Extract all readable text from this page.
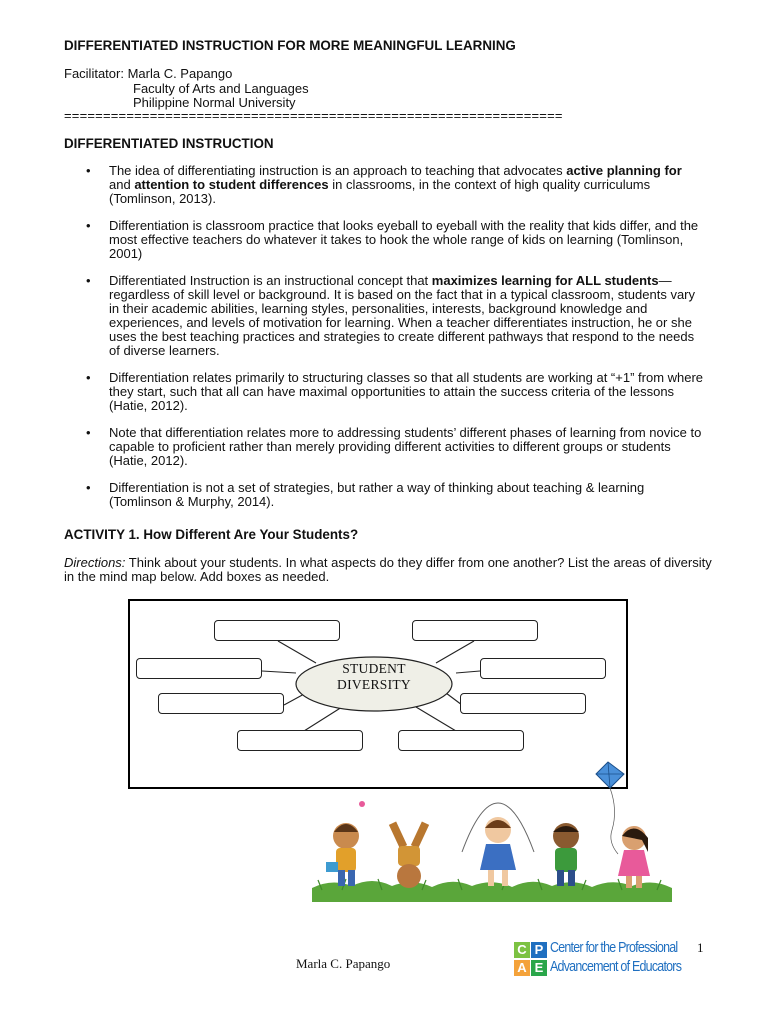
DIFFERENTIATED INSTRUCTION FOR MORE MEANINGFUL LEARNING
Facilitator: Marla C. Papango
Faculty of Arts and Languages
Philippine Normal University
================================================================
DIFFERENTIATED INSTRUCTION
• The idea of differentiating instruction is an approach to teaching that advocates active planning for and attention to student differences in classrooms, in the context of high quality curriculums (Tomlinson, 2013).
• Differentiation is classroom practice that looks eyeball to eyeball with the reality that kids differ, and the most effective teachers do whatever it takes to hook the whole range of kids on learning (Tomlinson, 2001)
• Differentiated Instruction is an instructional concept that maximizes learning for ALL students—regardless of skill level or background. It is based on the fact that in a typical classroom, students vary in their academic abilities, learning styles, personalities, interests, background knowledge and experiences, and levels of motivation for learning. When a teacher differentiates instruction, he or she uses the best teaching practices and strategies to create different pathways that respond to the needs of diverse learners.
• Differentiation relates primarily to structuring classes so that all students are working at “+1” from where they start, such that all can have maximal opportunities to attain the success criteria of the lessons (Hatie, 2012).
• Note that differentiation relates more to addressing students’ different phases of learning from novice to capable to proficient rather than merely providing different activities to different groups or students (Hatie, 2012).
• Differentiation is not a set of strategies, but rather a way of thinking about teaching & learning (Tomlinson & Murphy, 2014).
ACTIVITY 1. How Different Are Your Students?
Directions: Think about your students. In what aspects do they differ from one another? List the areas of diversity in the mind map below. Add boxes as needed.
STUDENT
DIVERSITY
C P
A E
Center for the Professional
Advancement of Educators
1
Marla C. Papango
